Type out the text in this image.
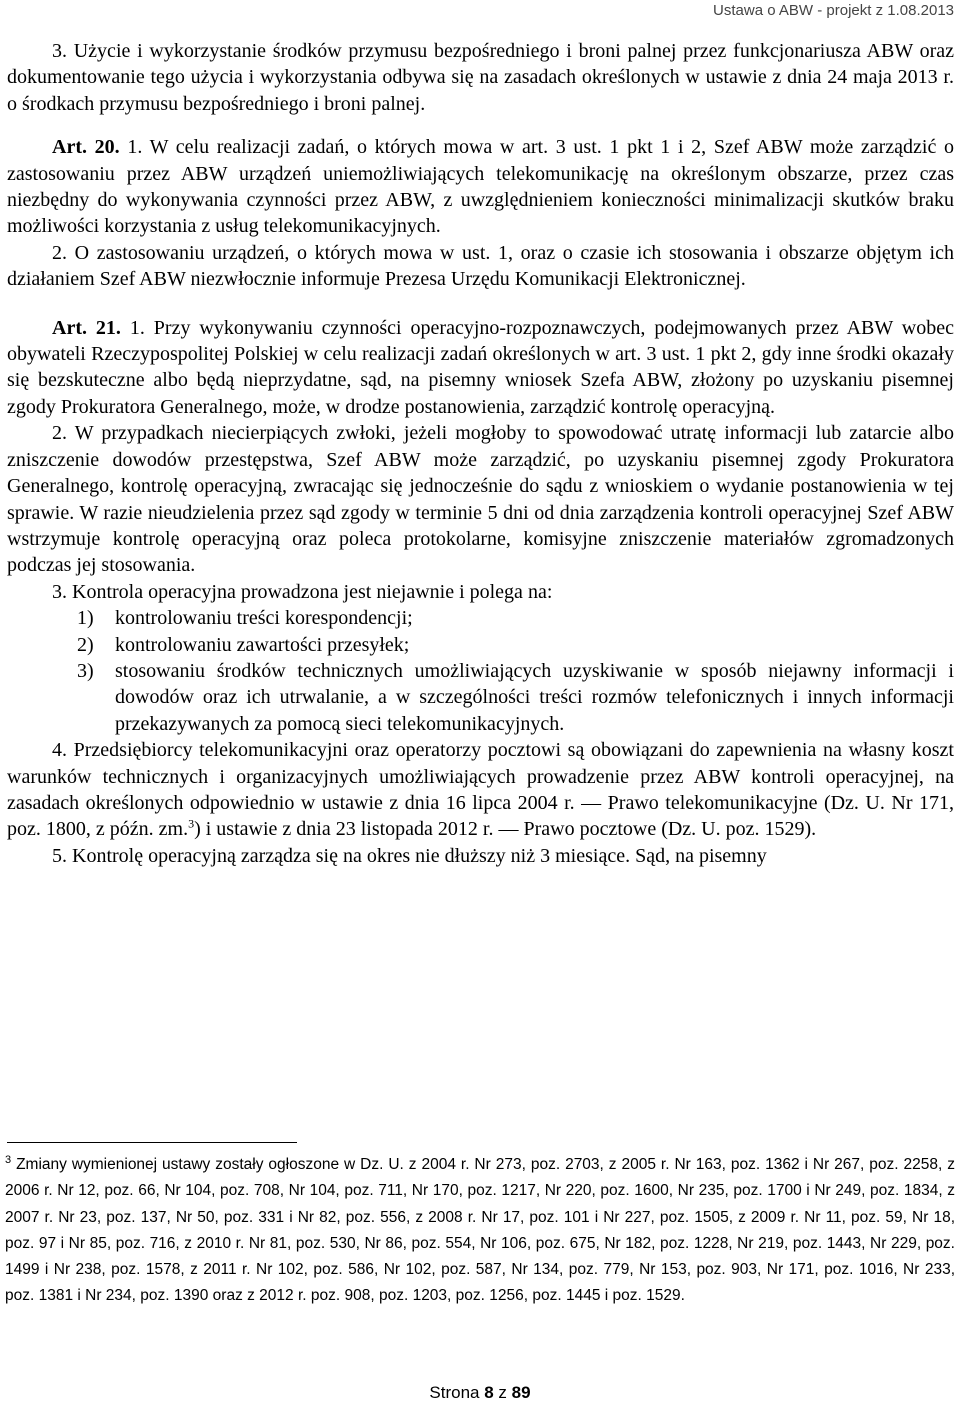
Ustawa o ABW - projekt z 1.08.2013

3. Użycie i wykorzystanie środków przymusu bezpośredniego i broni palnej przez funkcjonariusza ABW oraz dokumentowanie tego użycia i wykorzystania odbywa się na zasadach określonych w ustawie z dnia 24 maja 2013 r. o środkach przymusu bezpośredniego i broni palnej.

Art. 20. 1. W celu realizacji zadań, o których mowa w art. 3 ust. 1 pkt 1 i 2, Szef ABW może zarządzić o zastosowaniu przez ABW urządzeń uniemożliwiających telekomunikację na określonym obszarze, przez czas niezbędny do wykonywania czynności przez ABW, z uwzględnieniem konieczności minimalizacji skutków braku możliwości korzystania z usług telekomunikacyjnych.

2. O zastosowaniu urządzeń, o których mowa w ust. 1, oraz o czasie ich stosowania i obszarze objętym ich działaniem Szef ABW niezwłocznie informuje Prezesa Urzędu Komunikacji Elektronicznej.

Art. 21. 1. Przy wykonywaniu czynności operacyjno-rozpoznawczych, podejmowanych przez ABW wobec obywateli Rzeczypospolitej Polskiej w celu realizacji zadań określonych w art. 3 ust. 1 pkt 2, gdy inne środki okazały się bezskuteczne albo będą nieprzydatne, sąd, na pisemny wniosek Szefa ABW, złożony po uzyskaniu pisemnej zgody Prokuratora Generalnego, może, w drodze postanowienia, zarządzić kontrolę operacyjną.

2. W przypadkach niecierpiących zwłoki, jeżeli mogłoby to spowodować utratę informacji lub zatarcie albo zniszczenie dowodów przestępstwa, Szef ABW może zarządzić, po uzyskaniu pisemnej zgody Prokuratora Generalnego, kontrolę operacyjną, zwracając się jednocześnie do sądu z wnioskiem o wydanie postanowienia w tej sprawie. W razie nieudzielenia przez sąd zgody w terminie 5 dni od dnia zarządzenia kontroli operacyjnej Szef ABW wstrzymuje kontrolę operacyjną oraz poleca protokolarne, komisyjne zniszczenie materiałów zgromadzonych podczas jej stosowania.

3. Kontrola operacyjna prowadzona jest niejawnie i polega na:

1)	kontrolowaniu treści korespondencji;
2)	kontrolowaniu zawartości przesyłek;
3)	stosowaniu środków technicznych umożliwiających uzyskiwanie w sposób niejawny informacji i dowodów oraz ich utrwalanie, a w szczególności treści rozmów telefonicznych i innych informacji przekazywanych za pomocą sieci telekomunikacyjnych.

4. Przedsiębiorcy telekomunikacyjni oraz operatorzy pocztowi są obowiązani do zapewnienia na własny koszt warunków technicznych i organizacyjnych umożliwiających prowadzenie przez ABW kontroli operacyjnej, na zasadach określonych odpowiednio w ustawie z dnia 16 lipca 2004 r. ― Prawo telekomunikacyjne (Dz. U. Nr 171, poz. 1800, z późn. zm.$^3$) i ustawie z dnia 23 listopada 2012 r. ― Prawo pocztowe (Dz. U. poz. 1529).

5. Kontrolę operacyjną zarządza się na okres nie dłuższy niż 3 miesiące. Sąd, na pisemny

$^3$ Zmiany wymienionej ustawy zostały ogłoszone w Dz. U. z 2004 r. Nr 273, poz. 2703, z 2005 r. Nr 163, poz. 1362 i Nr 267, poz. 2258, z 2006 r. Nr 12, poz. 66, Nr 104, poz. 708, Nr 104, poz. 711, Nr 170, poz. 1217, Nr 220, poz. 1600, Nr 235, poz. 1700 i Nr 249, poz. 1834, z 2007 r. Nr 23, poz. 137, Nr 50, poz. 331 i Nr 82, poz. 556, z 2008 r. Nr 17, poz. 101 i Nr 227, poz. 1505, z 2009 r. Nr 11, poz. 59, Nr 18, poz. 97 i Nr 85, poz. 716, z 2010 r. Nr 81, poz. 530, Nr 86, poz. 554, Nr 106, poz. 675, Nr 182, poz. 1228, Nr 219, poz. 1443, Nr 229, poz. 1499 i Nr 238, poz. 1578, z 2011 r. Nr 102, poz. 586, Nr 102, poz. 587, Nr 134, poz. 779, Nr 153, poz. 903, Nr 171, poz. 1016, Nr 233, poz. 1381 i Nr 234, poz. 1390 oraz z 2012 r. poz. 908, poz. 1203, poz. 1256, poz. 1445 i poz. 1529.
Strona 8 z 89
